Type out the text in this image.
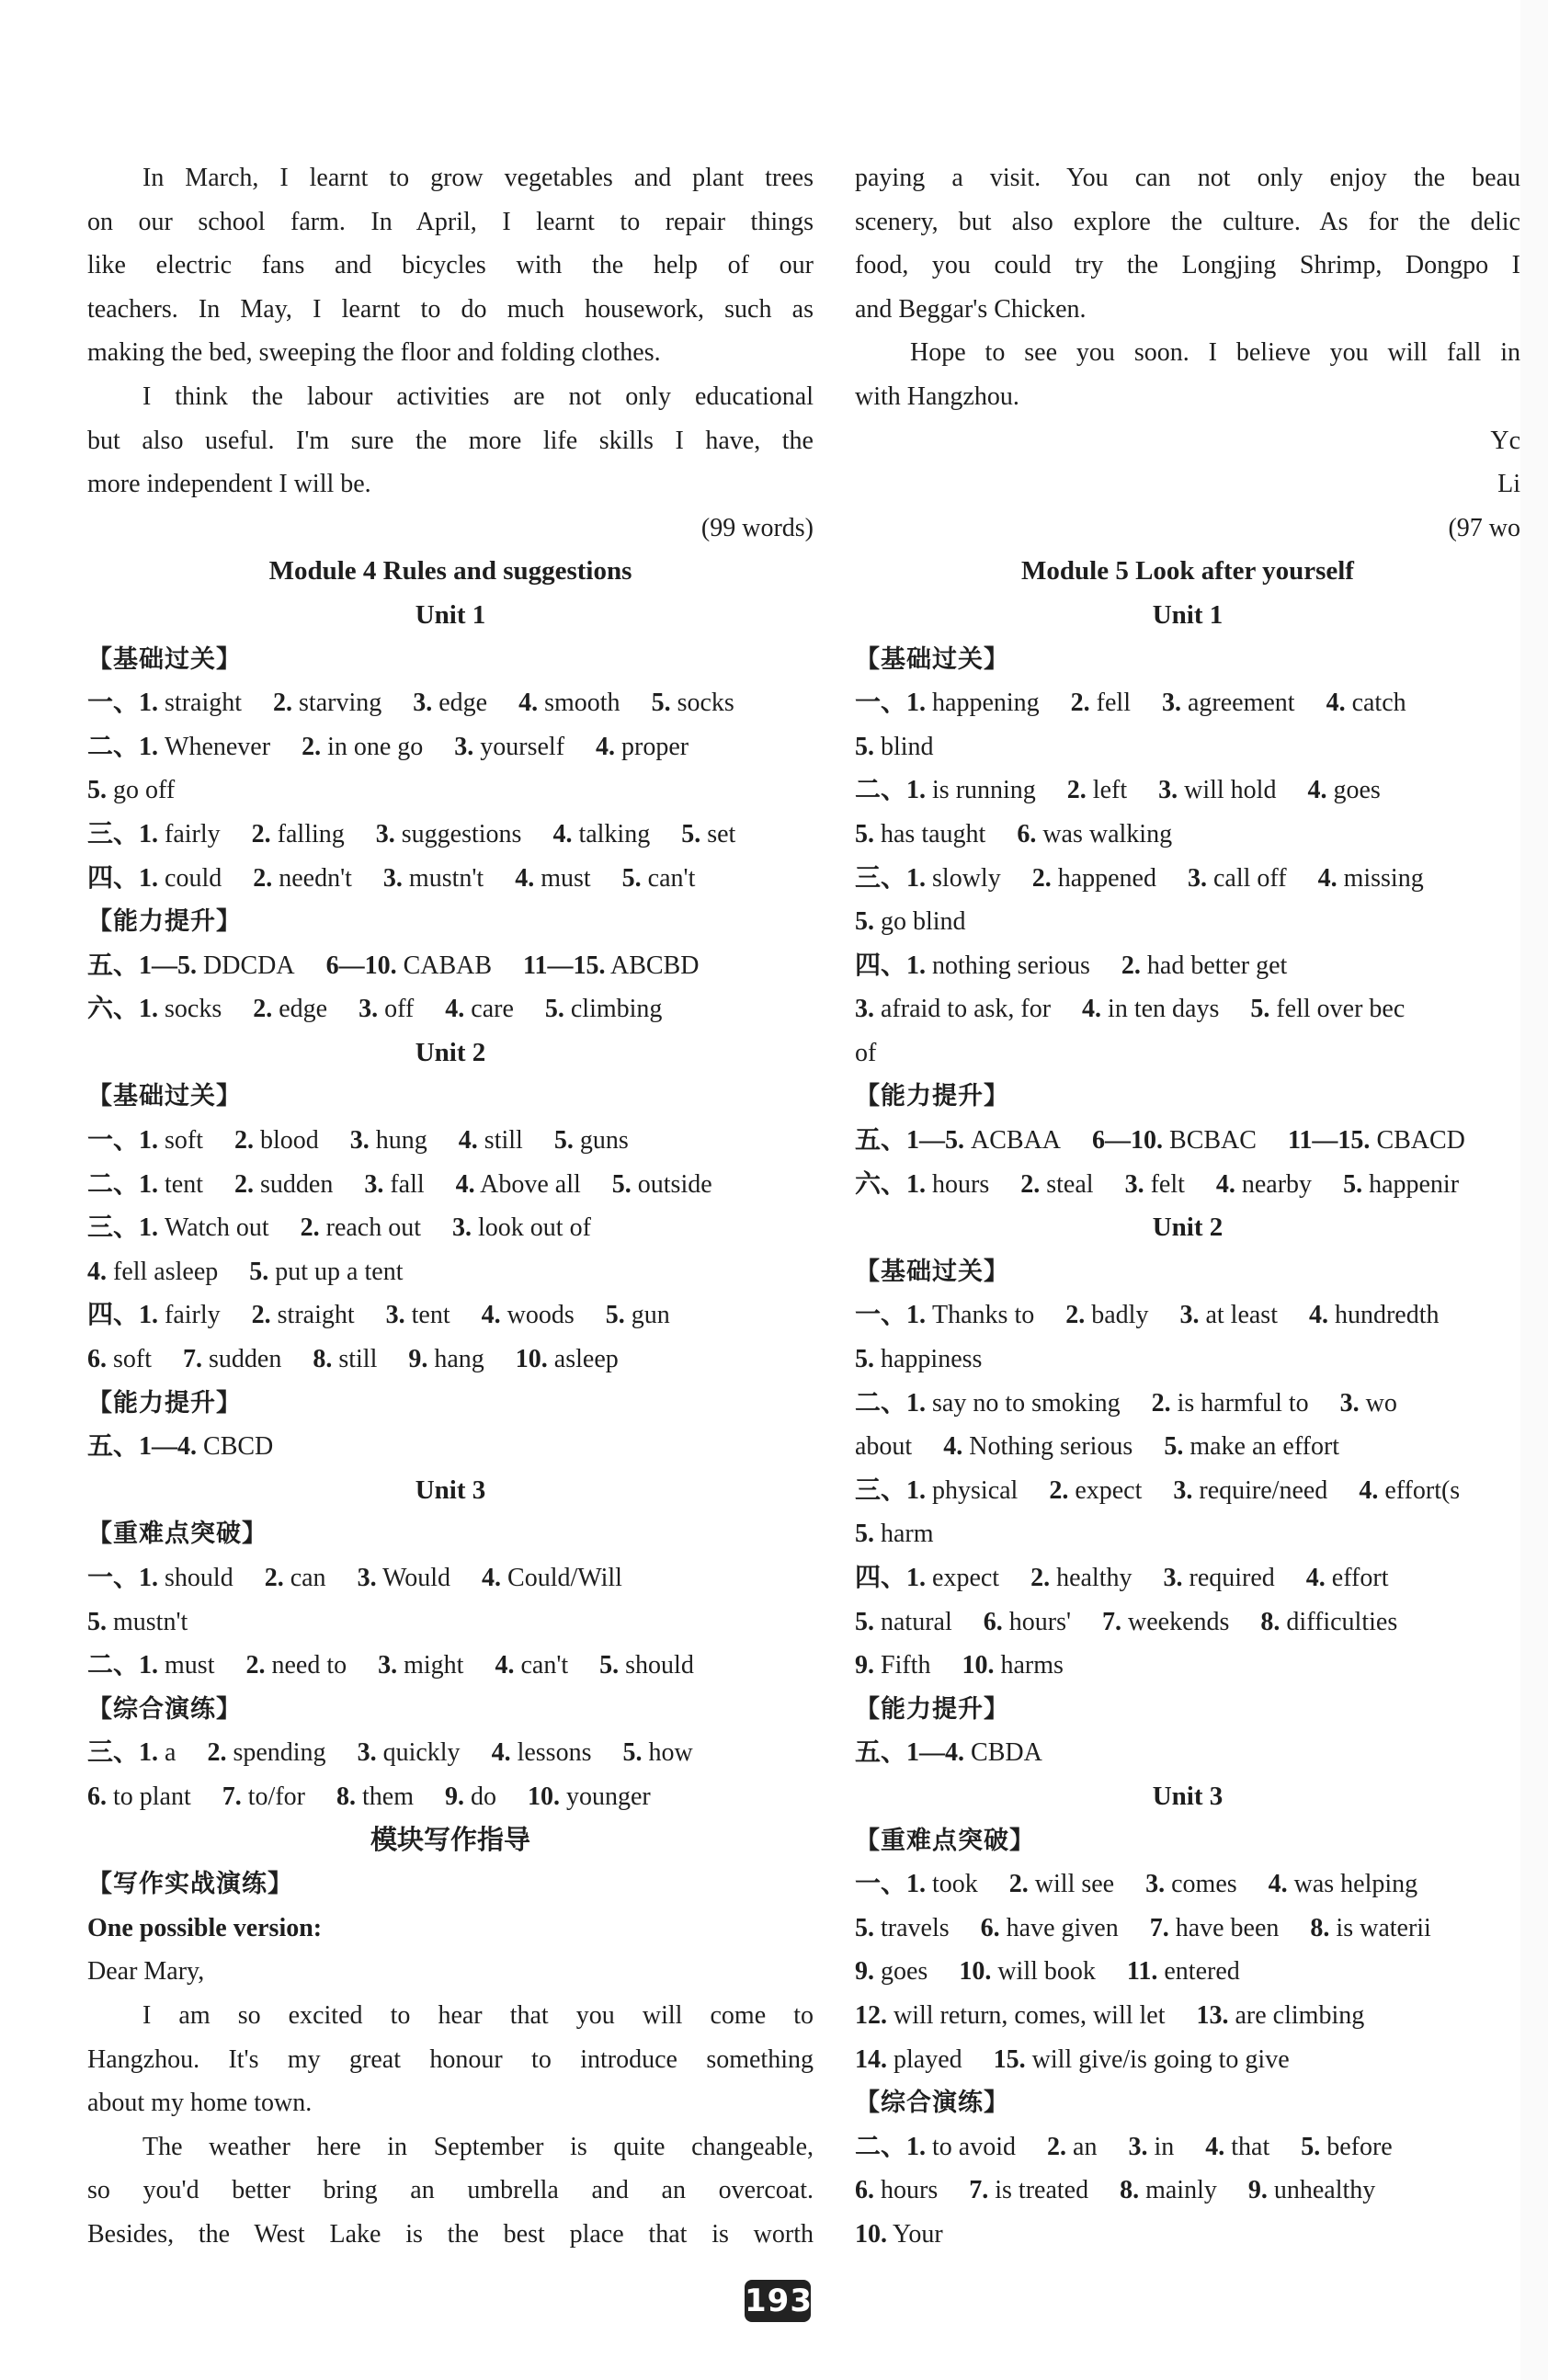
In March, I learnt to grow vegetables and plant trees
on our school farm. In April, I learnt to repair things
like electric fans and bicycles with the help of our
teachers. In May, I learnt to do much housework, such as
making the bed, sweeping the floor and folding clothes.
I think the labour activities are not only educational
but also useful. I'm sure the more life skills I have, the
more independent I will be.
(99 words)
Module 4 Rules and suggestions
Unit 1
【基础过关】
一、1. straight 2. starving 3. edge 4. smooth 5. socks
二、1. Whenever 2. in one go 3. yourself 4. proper
5. go off
三、1. fairly 2. falling 3. suggestions 4. talking 5. set
四、1. could 2. needn't 3. mustn't 4. must 5. can't
【能力提升】
五、1—5. DDCDA 6—10. CABAB 11—15. ABCBD
六、1. socks 2. edge 3. off 4. care 5. climbing
Unit 2
【基础过关】
一、1. soft 2. blood 3. hung 4. still 5. guns
二、1. tent 2. sudden 3. fall 4. Above all 5. outside
三、1. Watch out 2. reach out 3. look out of
4. fell asleep 5. put up a tent
四、1. fairly 2. straight 3. tent 4. woods 5. gun
6. soft 7. sudden 8. still 9. hang 10. asleep
【能力提升】
五、1—4. CBCD
Unit 3
【重难点突破】
一、1. should 2. can 3. Would 4. Could/Will
5. mustn't
二、1. must 2. need to 3. might 4. can't 5. should
【综合演练】
三、1. a 2. spending 3. quickly 4. lessons 5. how
6. to plant 7. to/for 8. them 9. do 10. younger
模块写作指导
【写作实战演练】
One possible version:
Dear Mary,
I am so excited to hear that you will come to
Hangzhou. It's my great honour to introduce something
about my home town.
The weather here in September is quite changeable,
so you'd better bring an umbrella and an overcoat.
Besides, the West Lake is the best place that is worth
paying a visit. You can not only enjoy the beau
scenery, but also explore the culture. As for the delic
food, you could try the Longjing Shrimp, Dongpo I
and Beggar's Chicken.
Hope to see you soon. I believe you will fall in
with Hangzhou.
Yc
Li
(97 wo
Module 5 Look after yourself
Unit 1
【基础过关】
一、1. happening 2. fell 3. agreement 4. catch
5. blind
二、1. is running 2. left 3. will hold 4. goes
5. has taught 6. was walking
三、1. slowly 2. happened 3. call off 4. missing
5. go blind
四、1. nothing serious 2. had better get
3. afraid to ask, for 4. in ten days 5. fell over bec
of
【能力提升】
五、1—5. ACBAA 6—10. BCBAC 11—15. CBACD
六、1. hours 2. steal 3. felt 4. nearby 5. happenir
Unit 2
【基础过关】
一、1. Thanks to 2. badly 3. at least 4. hundredth
5. happiness
二、1. say no to smoking 2. is harmful to 3. wo
about 4. Nothing serious 5. make an effort
三、1. physical 2. expect 3. require/need 4. effort(s
5. harm
四、1. expect 2. healthy 3. required 4. effort
5. natural 6. hours' 7. weekends 8. difficulties
9. Fifth 10. harms
【能力提升】
五、1—4. CBDA
Unit 3
【重难点突破】
一、1. took 2. will see 3. comes 4. was helping
5. travels 6. have given 7. have been 8. is waterii
9. goes 10. will book 11. entered
12. will return, comes, will let 13. are climbing
14. played 15. will give/is going to give
【综合演练】
二、1. to avoid 2. an 3. in 4. that 5. before
6. hours 7. is treated 8. mainly 9. unhealthy
10. Your
193
